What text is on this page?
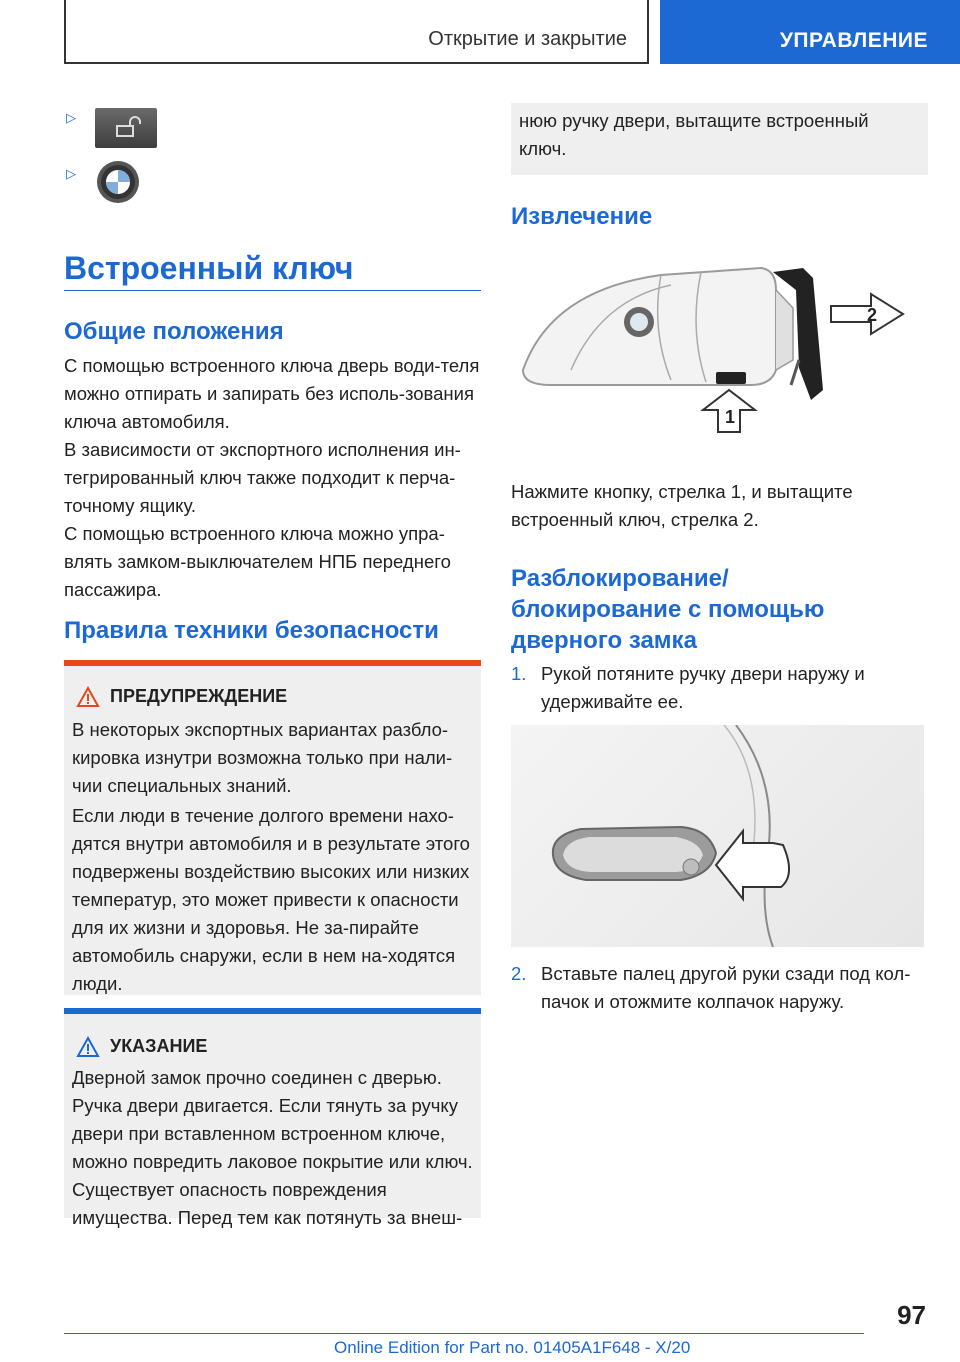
Открытие и закрытие	УПРАВЛЕНИЕ
▷
▷
Встроенный ключ
Общие положения

С помощью встроенного ключа дверь води-теля можно отпирать и запирать без исполь-зования ключа автомобиля.

В зависимости от экспортного исполнения ин-тегрированный ключ также подходит к перча-точному ящику.

С помощью встроенного ключа можно упра-влять замком-выключателем НПБ переднего пассажира.

Правила техники безопасности
ПРЕДУПРЕЖДЕНИЕ

В некоторых экспортных вариантах разбло-кировка изнутри возможна только при нали-чии специальных знаний.

Если люди в течение долгого времени нахо-дятся внутри автомобиля и в результате этого подвержены воздействию высоких или низких температур, это может привести к опасности для их жизни и здоровья. Не за-пирайте автомобиль снаружи, если в нем на-ходятся люди.

УКАЗАНИЕ

Дверной замок прочно соединен с дверью. Ручка двери двигается. Если тянуть за ручку двери при вставленном встроенном ключе, можно повредить лаковое покрытие или ключ. Существует опасность повреждения имущества. Перед тем как потянуть за внеш-

нюю ручку двери, вытащите встроенный ключ.

Извлечение
2
1

Нажмите кнопку, стрелка 1, и вытащите встроенный ключ, стрелка 2.

Разблокирование/
блокирование с помощью
дверного замка
1. Рукой потяните ручку двери наружу и удерживайте ее.

2. Вставьте палец другой руки сзади под кол-пачок и отожмите колпачок наружу.

97
Online Edition for Part no. 01405A1F648 - X/20
